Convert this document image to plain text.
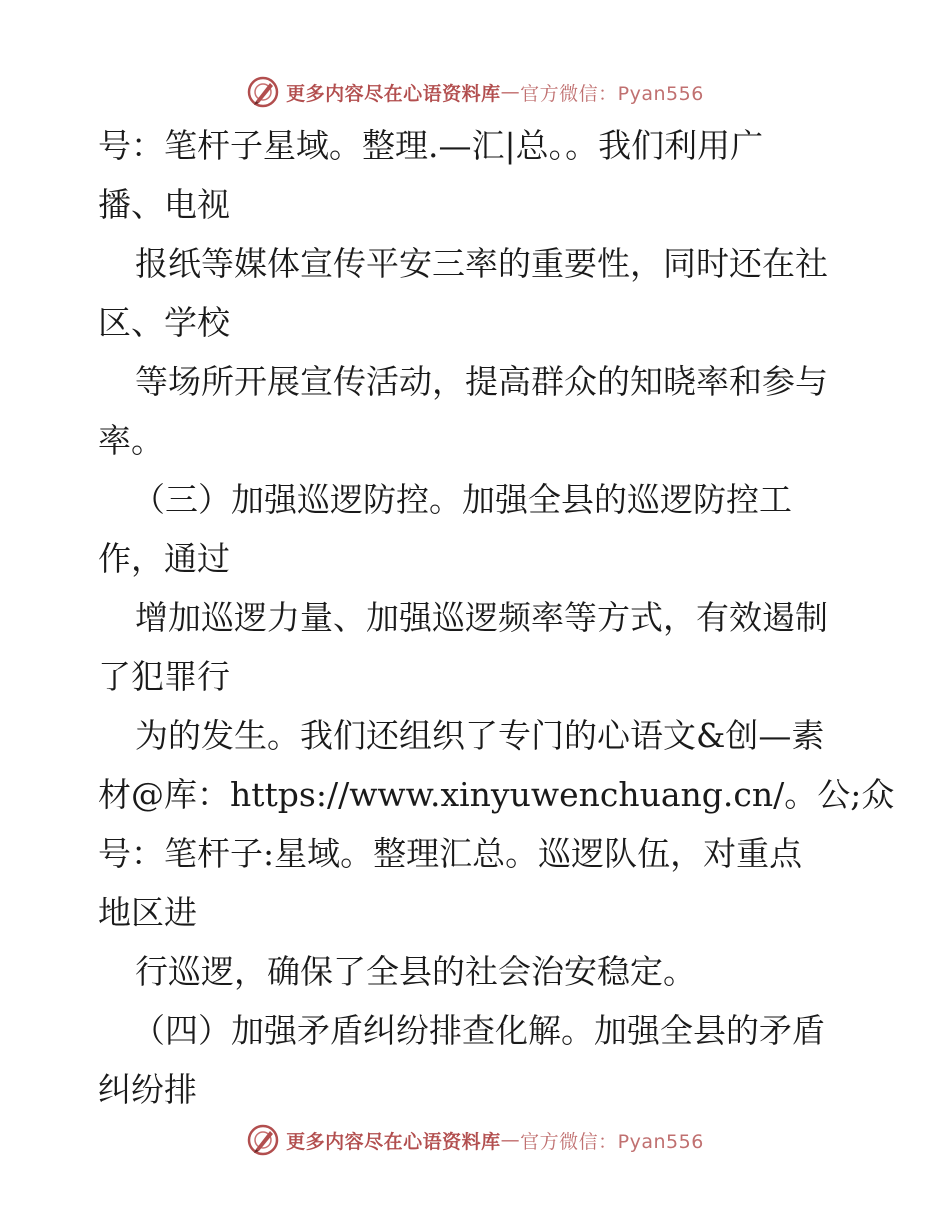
更多内容尽在心语资料库 — 官方微信：Pyan556
号：笔杆子星域。整理.—汇|总。。我们利用广
播、电视
报纸等媒体宣传平安三率的重要性，同时还在社
区、学校
等场所开展宣传活动，提高群众的知晓率和参与
率。
（三）加强巡逻防控。加强全县的巡逻防控工
作，通过
增加巡逻力量、加强巡逻频率等方式，有效遏制
了犯罪行
为的发生。我们还组织了专门的心语文&创—素
材@库：https://www.xinyuwenchuang.cn/。公;众
号：笔杆子:星域。整理汇总。巡逻队伍，对重点
地区进
行巡逻，确保了全县的社会治安稳定。
（四）加强矛盾纠纷排查化解。加强全县的矛盾
纠纷排
更多内容尽在心语资料库 — 官方微信：Pyan556
